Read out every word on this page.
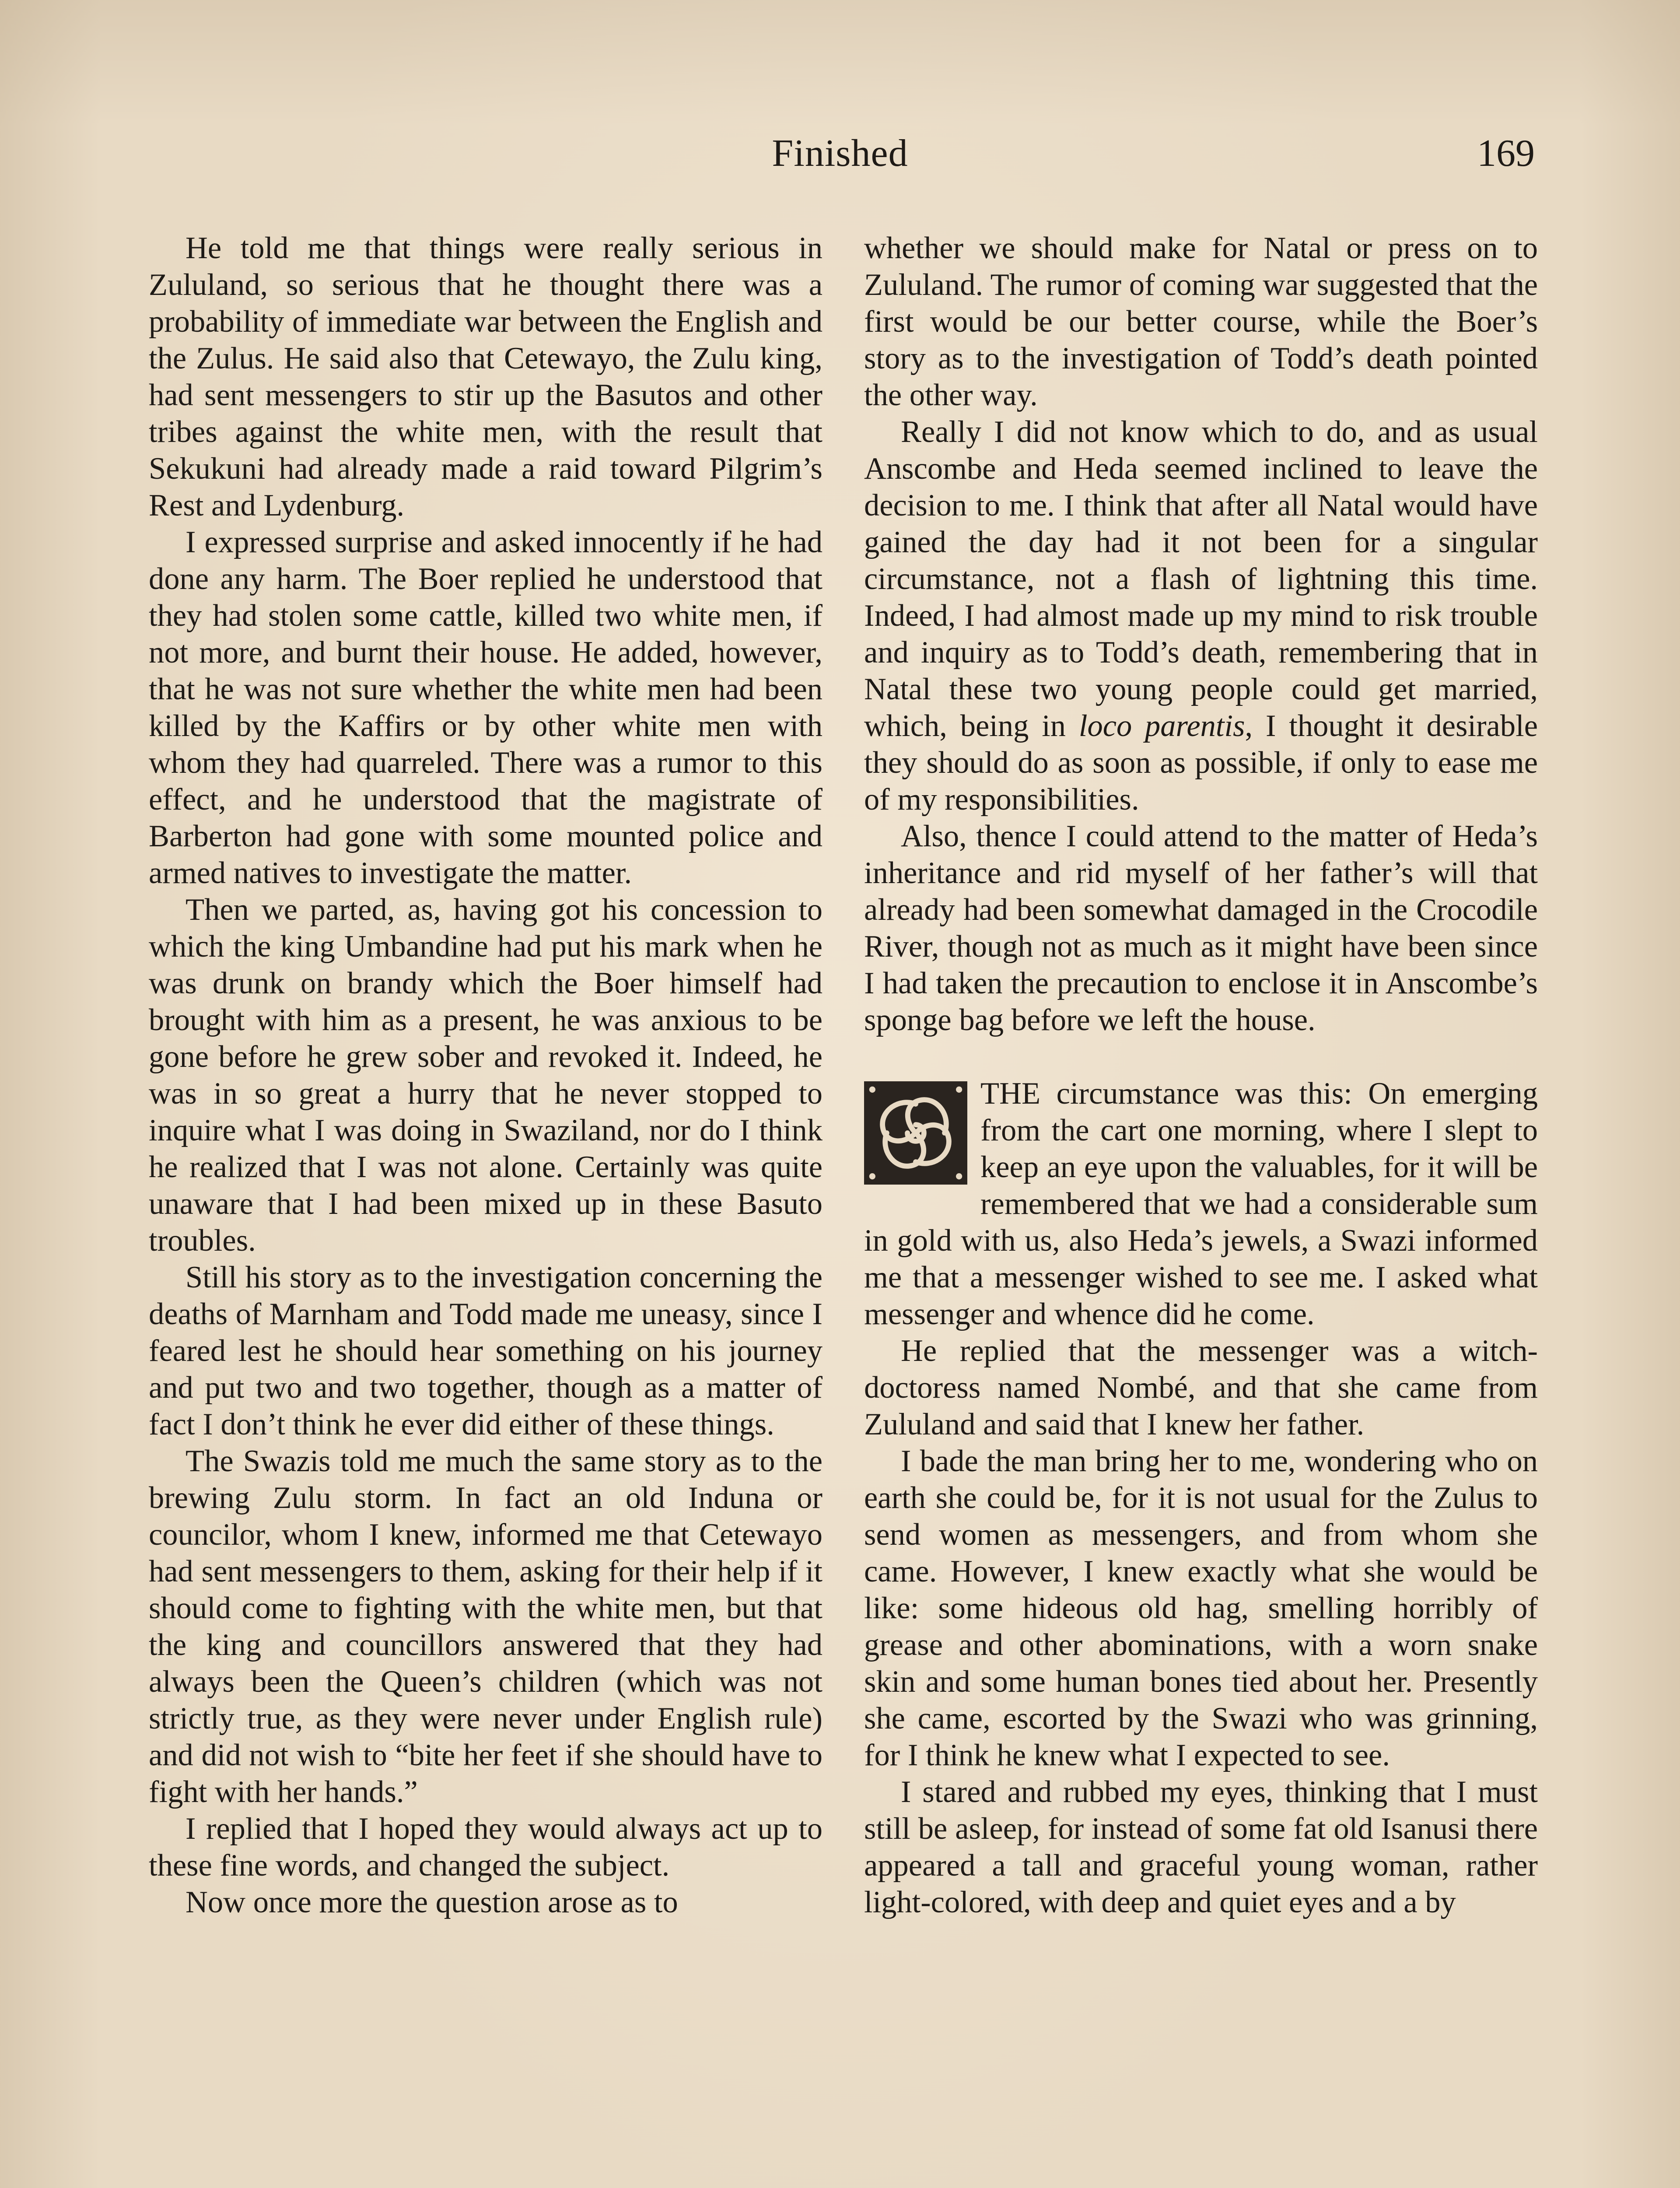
Finished	169

He told me that things were really serious in Zululand, so serious that he thought there was a probability of immediate war between the English and the Zulus. He said also that Cetewayo, the Zulu king, had sent messengers to stir up the Basutos and other tribes against the white men, with the result that Sekukuni had already made a raid toward Pilgrim’s Rest and Lydenburg.

I expressed surprise and asked innocently if he had done any harm. The Boer replied he understood that they had stolen some cattle, killed two white men, if not more, and burnt their house. He added, however, that he was not sure whether the white men had been killed by the Kaffirs or by other white men with whom they had quarreled. There was a rumor to this effect, and he understood that the magistrate of Barberton had gone with some mounted police and armed natives to investigate the matter.

Then we parted, as, having got his concession to which the king Umbandine had put his mark when he was drunk on brandy which the Boer himself had brought with him as a present, he was anxious to be gone before he grew sober and revoked it. Indeed, he was in so great a hurry that he never stopped to inquire what I was doing in Swaziland, nor do I think he realized that I was not alone. Certainly was quite unaware that I had been mixed up in these Basuto troubles.

Still his story as to the investigation concerning the deaths of Marnham and Todd made me uneasy, since I feared lest he should hear something on his journey and put two and two together, though as a matter of fact I don’t think he ever did either of these things.

The Swazis told me much the same story as to the brewing Zulu storm. In fact an old Induna or councilor, whom I knew, informed me that Cetewayo had sent messengers to them, asking for their help if it should come to fighting with the white men, but that the king and councillors answered that they had always been the Queen’s children (which was not strictly true, as they were never under English rule) and did not wish to “bite her feet if she should have to fight with her hands.”

I replied that I hoped they would always act up to these fine words, and changed the subject.

Now once more the question arose as to

whether we should make for Natal or press on to Zululand. The rumor of coming war suggested that the first would be our better course, while the Boer’s story as to the investigation of Todd’s death pointed the other way.

Really I did not know which to do, and as usual Anscombe and Heda seemed inclined to leave the decision to me. I think that after all Natal would have gained the day had it not been for a singular circumstance, not a flash of lightning this time. Indeed, I had almost made up my mind to risk trouble and inquiry as to Todd’s death, remembering that in Natal these two young people could get married, which, being in loco parentis, I thought it desirable they should do as soon as possible, if only to ease me of my responsibilities.

Also, thence I could attend to the matter of Heda’s inheritance and rid myself of her father’s will that already had been somewhat damaged in the Crocodile River, though not as much as it might have been since I had taken the precaution to enclose it in Anscombe’s sponge bag before we left the house.

THE circumstance was this: On emerging from the cart one morning, where I slept to keep an eye upon the valuables, for it will be remembered that we had a considerable sum in gold with us, also Heda’s jewels, a Swazi informed me that a messenger wished to see me. I asked what messenger and whence did he come.

He replied that the messenger was a witch-doctoress named Nombé, and that she came from Zululand and said that I knew her father.

I bade the man bring her to me, wondering who on earth she could be, for it is not usual for the Zulus to send women as messengers, and from whom she came. However, I knew exactly what she would be like: some hideous old hag, smelling horribly of grease and other abominations, with a worn snake skin and some human bones tied about her. Presently she came, escorted by the Swazi who was grinning, for I think he knew what I expected to see.

I stared and rubbed my eyes, thinking that I must still be asleep, for instead of some fat old Isanusi there appeared a tall and graceful young woman, rather light-colored, with deep and quiet eyes and a by
